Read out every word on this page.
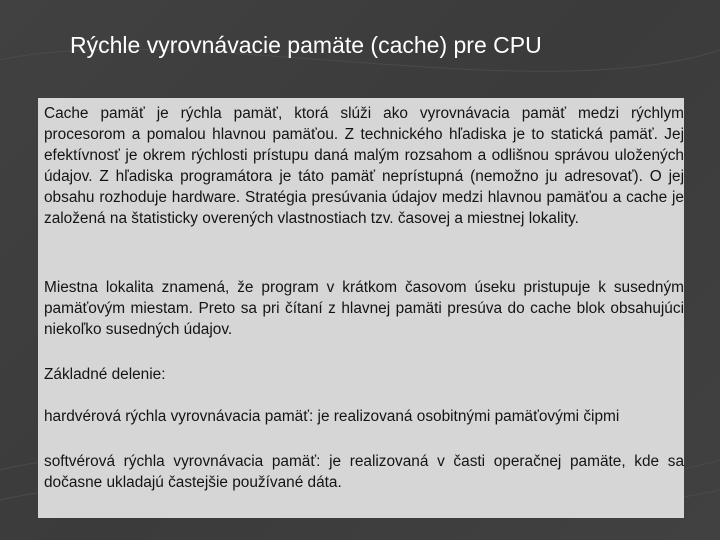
Rýchle vyrovnávacie pamäte (cache) pre CPU

Cache pamäť je rýchla pamäť, ktorá slúži ako vyrovnávacia pamäť medzi rýchlym procesorom a pomalou hlavnou pamäťou. Z technického hľadiska je to statická pamäť. Jej efektívnosť je okrem rýchlosti prístupu daná malým rozsahom a odlišnou správou uložených údajov. Z hľadiska programátora je táto pamäť neprístupná (nemožno ju adresovať). O jej obsahu rozhoduje hardware. Stratégia presúvania údajov medzi hlavnou pamäťou a cache je založená na štatisticky overených vlastnostiach tzv. časovej a miestnej lokality.

Miestna lokalita znamená, že program v krátkom časovom úseku pristupuje k susedným pamäťovým miestam. Preto sa pri čítaní z hlavnej pamäti presúva do cache blok obsahujúci niekoľko susedných údajov.

Základné delenie:

hardvérová rýchla vyrovnávacia pamäť: je realizovaná osobitnými pamäťovými čipmi

softvérová rýchla vyrovnávacia pamäť: je realizovaná v časti operačnej pamäte, kde sa dočasne ukladajú častejšie používané dáta.
